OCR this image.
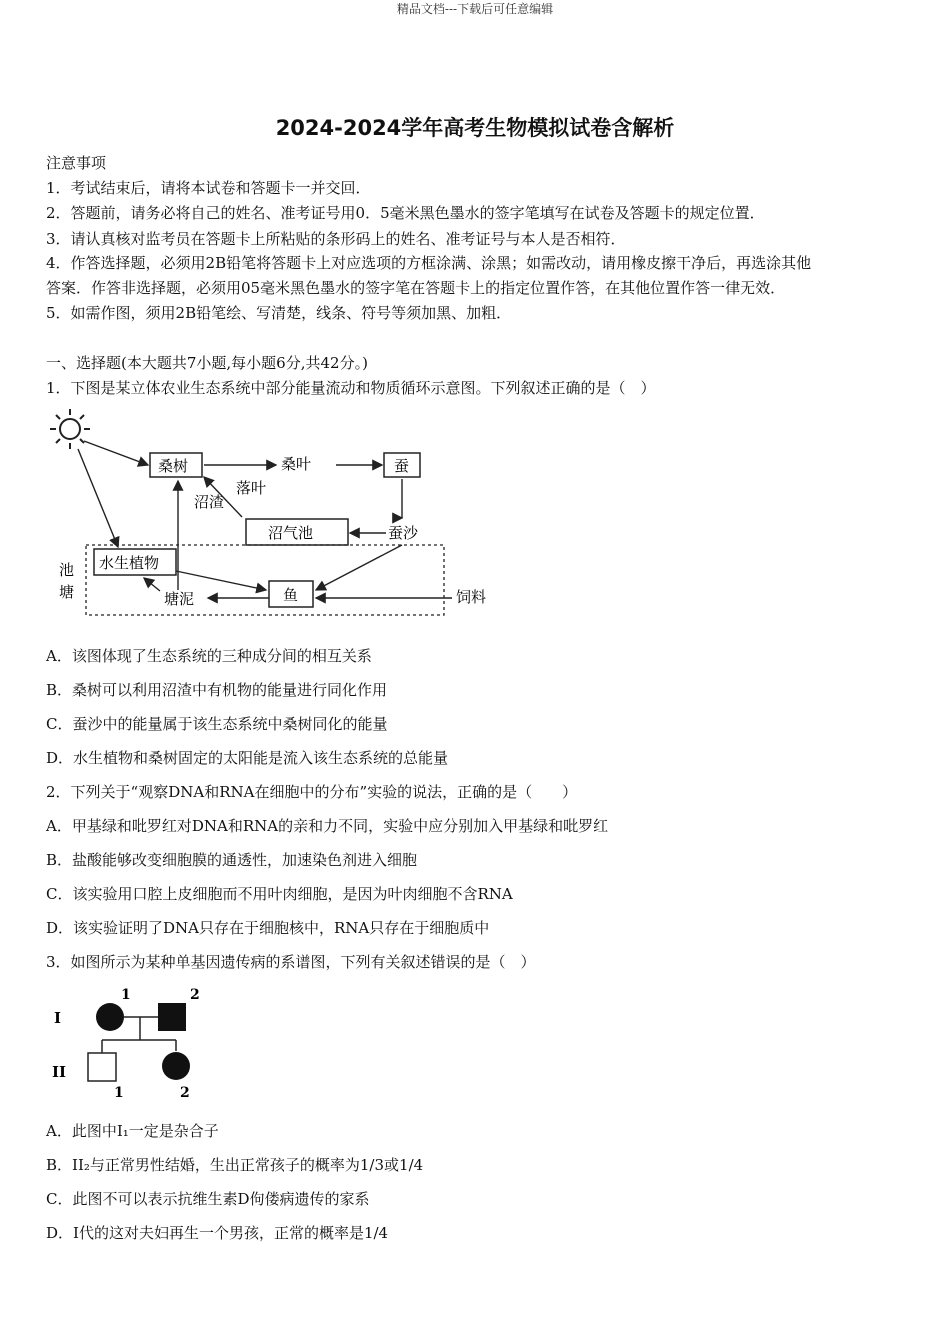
精品文档---下载后可任意编辑
2024-2024学年高考生物模拟试卷含解析
注意事项
1．考试结束后，请将本试卷和答题卡一并交回．
2．答题前，请务必将自己的姓名、准考证号用0．5毫米黑色墨水的签字笔填写在试卷及答题卡的规定位置．
3．请认真核对监考员在答题卡上所粘贴的条形码上的姓名、准考证号与本人是否相符．
4．作答选择题，必须用2B铅笔将答题卡上对应选项的方框涂满、涂黑；如需改动，请用橡皮擦干净后，再选涂其他
答案．作答非选择题，必须用05毫米黑色墨水的签字笔在答题卡上的指定位置作答，在其他位置作答一律无效．
5．如需作图，须用2B铅笔绘、写清楚，线条、符号等须加黑、加粗．
一、选择题(本大题共7小题,每小题6分,共42分。)
1．下图是某立体农业生态系统中部分能量流动和物质循环示意图。下列叙述正确的是（　）
桑树	蚕
沼气池
水生植物
鱼
桑叶
落叶
沼渣
蚕沙
塘泥	饲料
池
塘
A．该图体现了生态系统的三种成分间的相互关系
B．桑树可以利用沼渣中有机物的能量进行同化作用
C．蚕沙中的能量属于该生态系统中桑树同化的能量
D．水生植物和桑树固定的太阳能是流入该生态系统的总能量
2．下列关于“观察DNA和RNA在细胞中的分布”实验的说法，正确的是（　　）
A．甲基绿和吡罗红对DNA和RNA的亲和力不同，实验中应分别加入甲基绿和吡罗红
B．盐酸能够改变细胞膜的通透性，加速染色剂进入细胞
C．该实验用口腔上皮细胞而不用叶肉细胞，是因为叶肉细胞不含RNA
D．该实验证明了DNA只存在于细胞核中，RNA只存在于细胞质中
3．如图所示为某种单基因遗传病的系谱图，下列有关叙述错误的是（　）
I
II
1	2
1	2
A．此图中I₁一定是杂合子
B．II₂与正常男性结婚，生出正常孩子的概率为1/3或1/4
C．此图不可以表示抗维生素D佝偻病遗传的家系
D．I代的这对夫妇再生一个男孩，正常的概率是1/4
